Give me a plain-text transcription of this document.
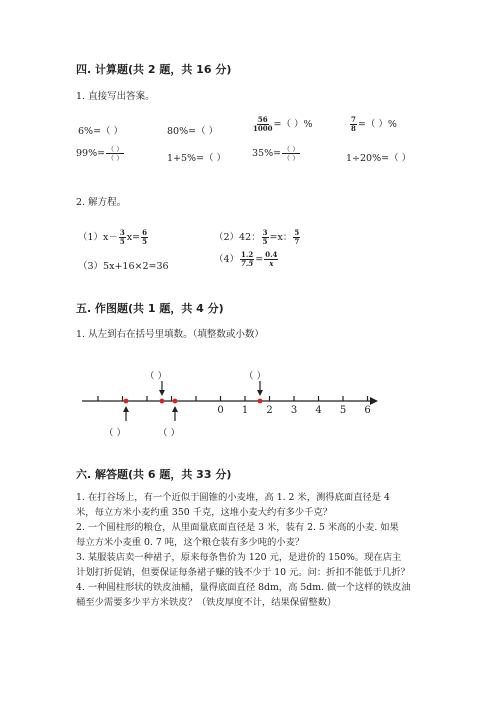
四. 计算题(共 2 题，共 16 分)
1. 直接写出答案。
6%=（ ）	80%=（ ）	$\frac{56}{1000}$ =（ ）%	$\frac{7}{8}$ =（ ）%
$99\%= \frac{( )}{( )}$	1+5%=（ ）	$35\%= \frac{( )}{( )}$	1÷20%=（ ）
2. 解方程。
$(1)x- \frac{3}{5} x= \frac{6}{5}$	（2）42： $\frac{3}{5} =x$： $\frac{5}{7}$
（3）5x+16×2=36
$(4) \frac{1.2}{7.5} = \frac{0.4}{x}$
五. 作图题(共 1 题，共 4 分)
1. 从左到右在括号里填数。（填整数或小数）
（ ）	（ ）
（ ）	（ ）
0 1 2 3 4 5 6
六. 解答题(共 6 题，共 33 分)
1. 在打谷场上，有一个近似于圆锥的小麦堆，高 1. 2 米，测得底面直径是 4
米，每立方米小麦约重 350 千克，这堆小麦大约有多少千克？
2. 一个圆柱形的粮仓，从里面量底面直径是 3 米，装有 2. 5 米高的小麦. 如果
每立方米小麦重 0. 7 吨，这个粮仓装有多少吨的小麦？
3. 某服装店卖一种裙子，原来每条售价为 120 元，是进价的 150%。现在店主
计划打折促销，但要保证每条裙子赚的钱不少于 10 元。问：折扣不能低于几折？
4. 一种圆柱形状的铁皮油桶，量得底面直径 8dm，高 5dm. 做一个这样的铁皮油
桶至少需要多少平方米铁皮？（铁皮厚度不计，结果保留整数）
